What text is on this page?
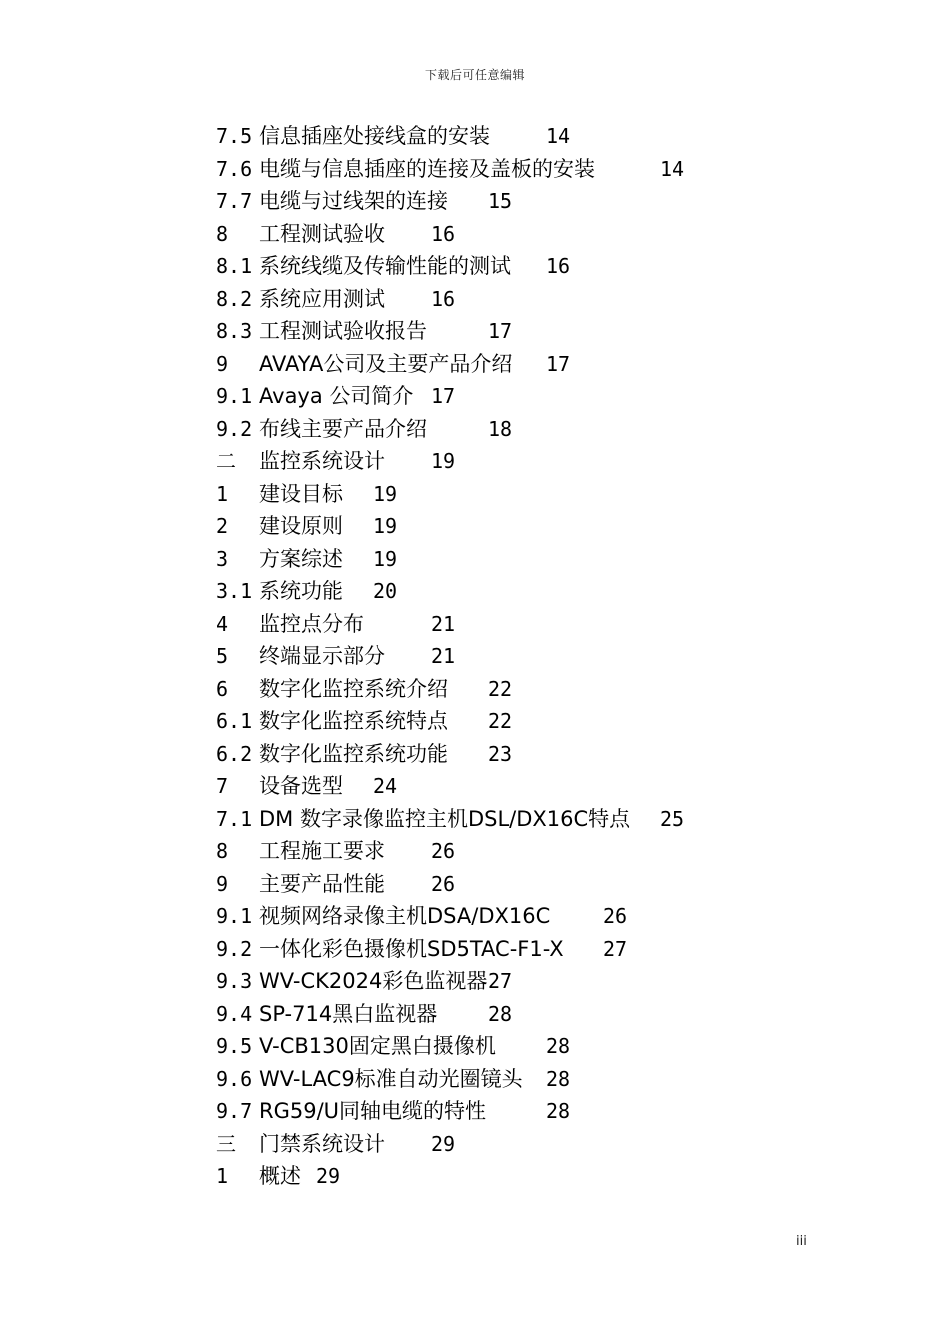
下载后可任意编辑
7.5 信息插座处接线盒的安装	14
7.6 电缆与信息插座的连接及盖板的安装	14
7.7 电缆与过线架的连接 15
8 工程测试验收 16
8.1 系统线缆及传输性能的测试 16
8.2 系统应用测试 16
8.3 工程测试验收报告	17
9 AVAYA公司及主要产品介绍 17
9.1 Avaya 公司简介 17
9.2 布线主要产品介绍	18
二 监控系统设计 19
1 建设目标 19
2 建设原则 19
3 方案综述 19
3.1 系统功能 20
4 监控点分布	21
5 终端显示部分 21
6 数字化监控系统介绍 22
6.1 数字化监控系统特点 22
6.2 数字化监控系统功能 23
7 设备选型 24
7.1 DM 数字录像监控主机DSL/DX16C特点 25
8 工程施工要求 26
9 主要产品性能 26
9.1 视频网络录像主机DSA/DX16C	26
9.2 一体化彩色摄像机SD5TAC-F1-X 27
9.3 WV-CK2024彩色监视器 27
9.4 SP-714黑白监视器	28
9.5 V-CB130固定黑白摄像机	28
9.6 WV-LAC9标准自动光圈镜头 28
9.7 RG59/U同轴电缆的特性	28
三 门禁系统设计 29
1 概述 29
iii
